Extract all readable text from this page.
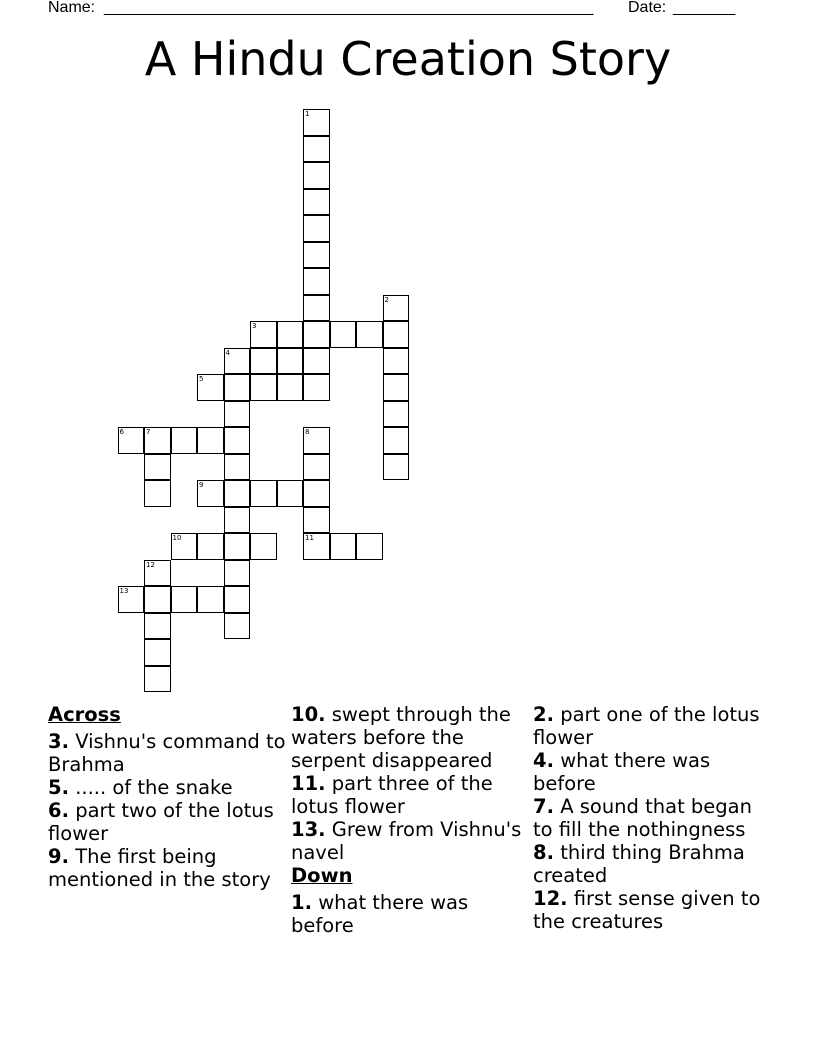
Name: _______________________________________________________ Date: _______
A Hindu Creation Story
1
2
3
4
5
6	7	8
9
10	11
12
13

Across

3. Vishnu's command to Brahma

5. ..... of the snake

6. part two of the lotus flower

9. The first being mentioned in the story

10. swept through the waters before the serpent disappeared

11. part three of the lotus flower

13. Grew from Vishnu's navel

Down

1. what there was before

2. part one of the lotus flower

4. what there was before

7. A sound that began to fill the nothingness

8. third thing Brahma created

12. first sense given to the creatures
